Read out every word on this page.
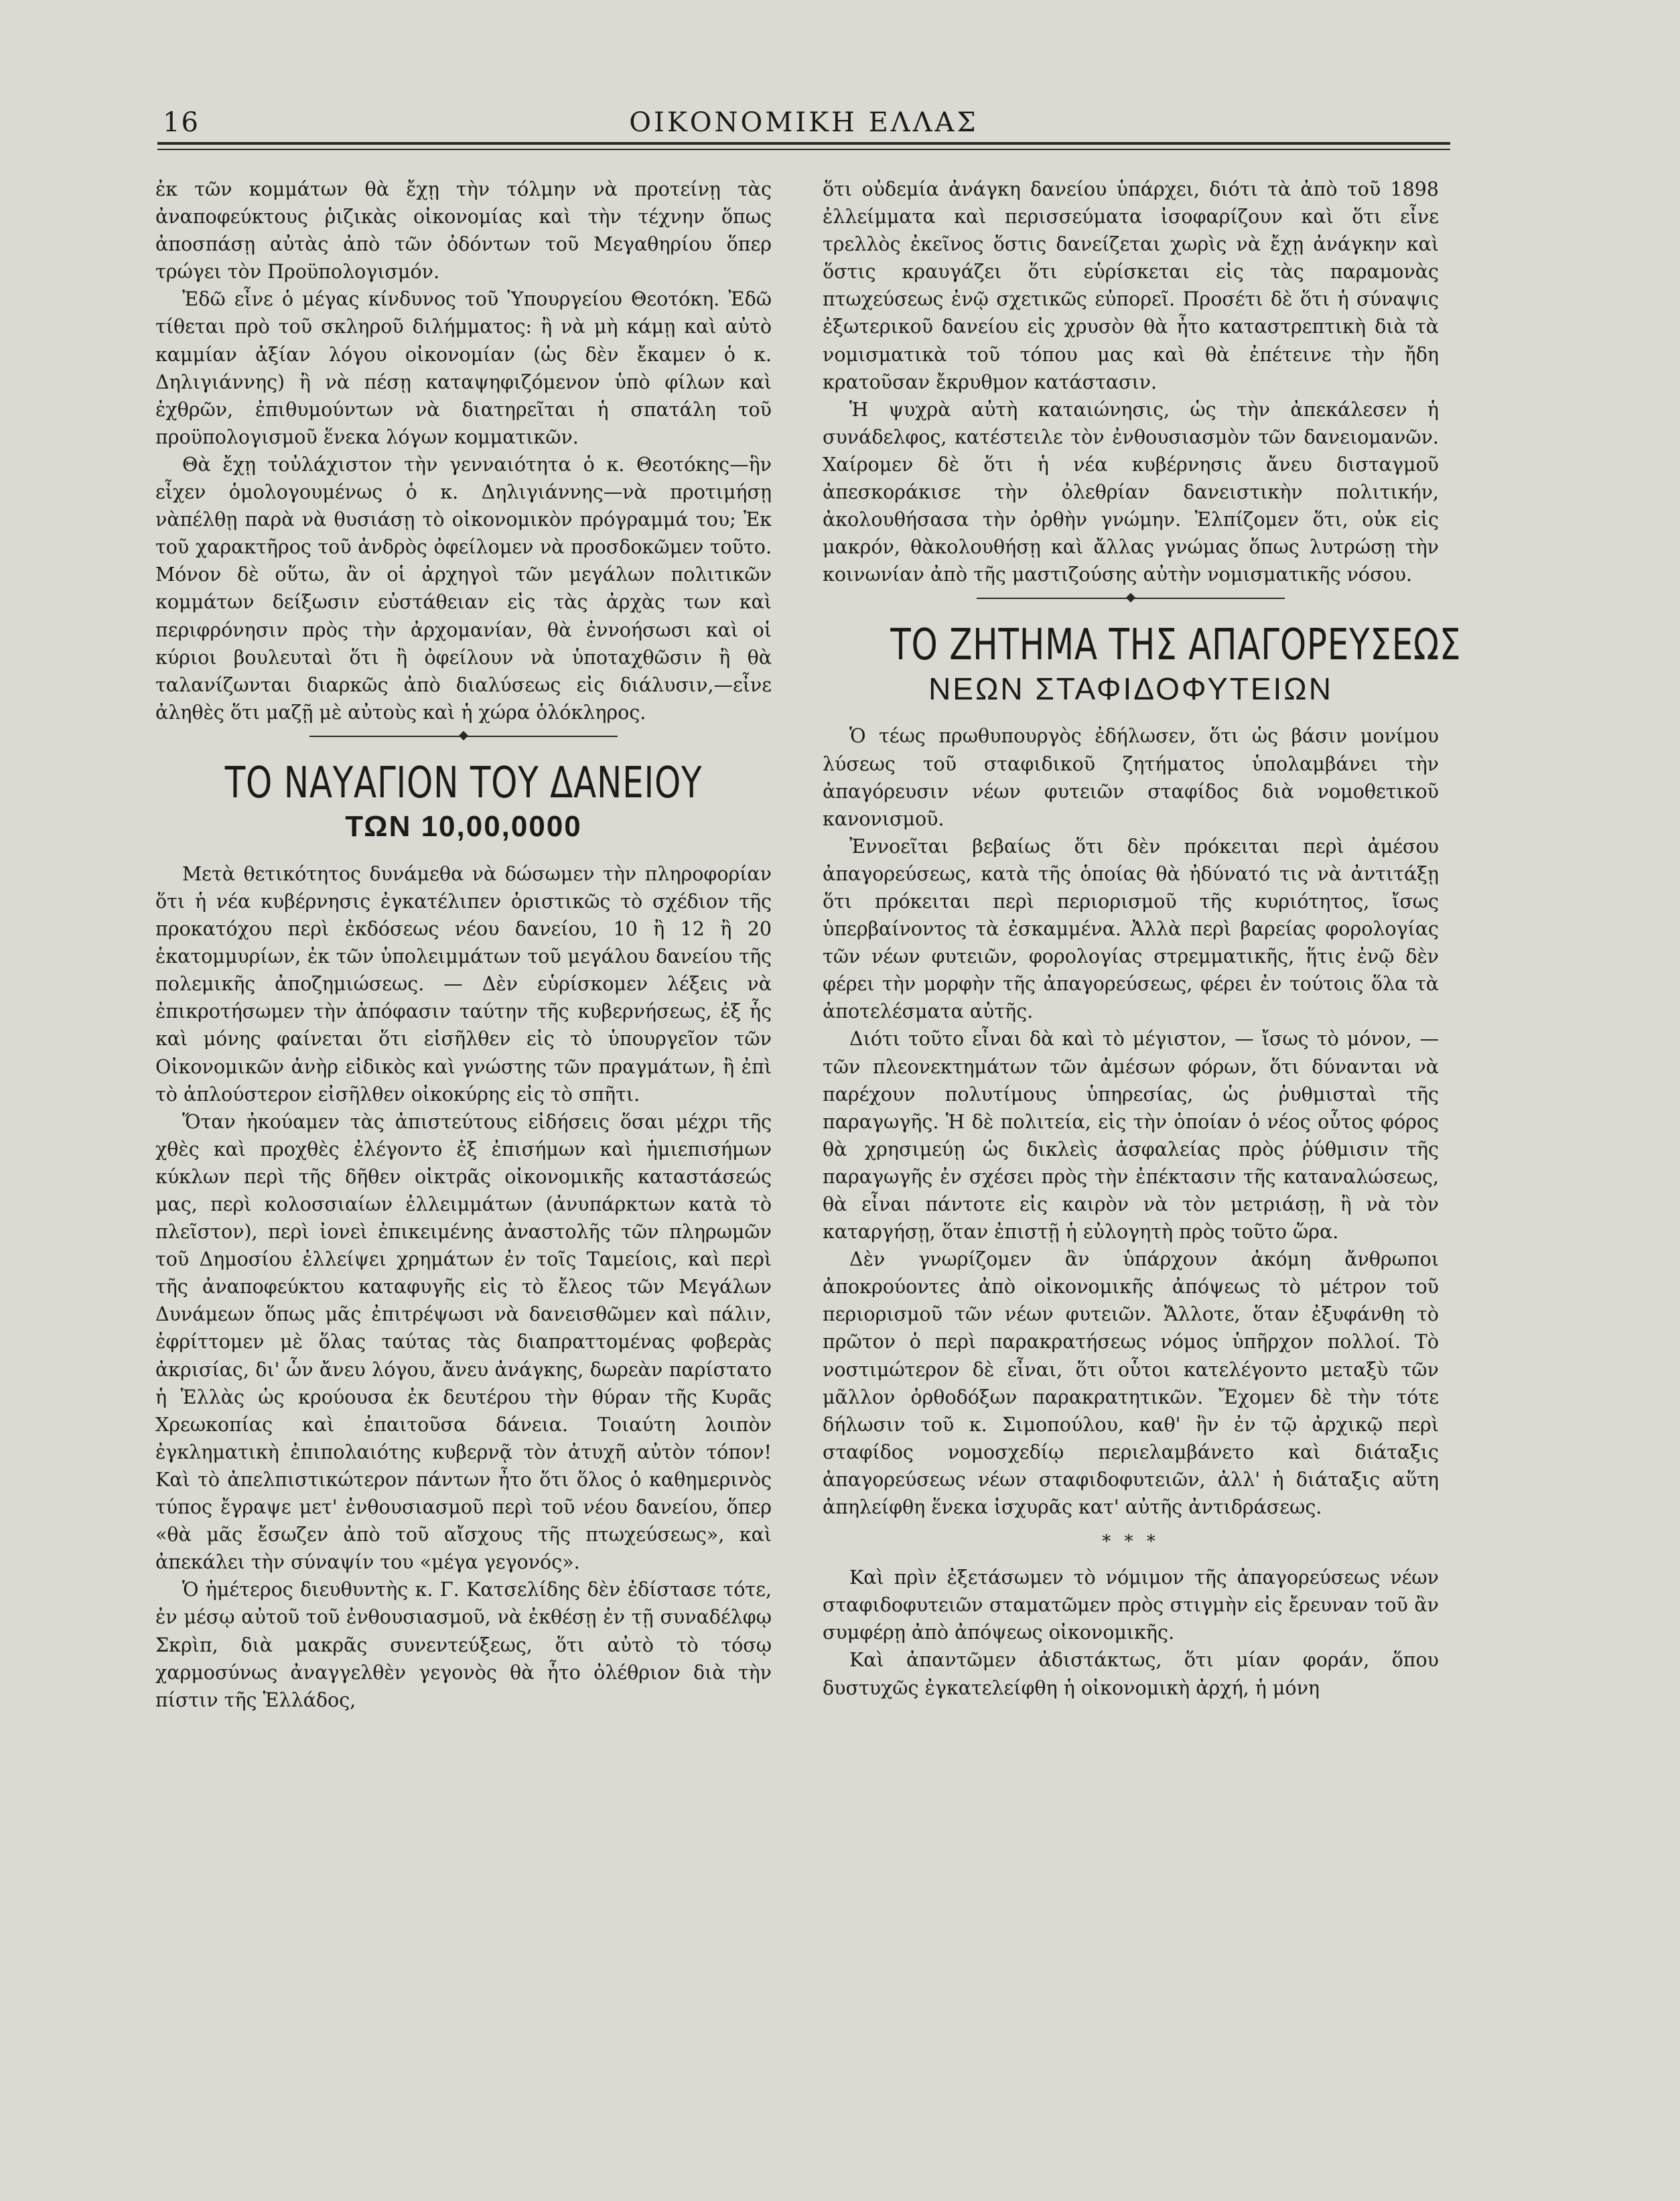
16	ΟΙΚΟΝΟΜΙΚΗ ΕΛΛΑΣ

ἐκ τῶν κομμάτων θὰ ἔχῃ τὴν τόλμην νὰ προτείνῃ τὰς ἀναποφεύκτους ῥιζικὰς οἰκονομίας καὶ τὴν τέχνην ὅπως ἀποσπάσῃ αὐτὰς ἀπὸ τῶν ὀδόντων τοῦ Μεγαθηρίου ὅπερ τρώγει τὸν Προϋπολογισμόν.

Ἐδῶ εἶνε ὁ μέγας κίνδυνος τοῦ Ὑπουργείου Θεοτόκη. Ἐδῶ τίθεται πρὸ τοῦ σκληροῦ διλήμματος: ἢ νὰ μὴ κάμῃ καὶ αὐτὸ καμμίαν ἀξίαν λόγου οἰκονομίαν (ὡς δὲν ἔκαμεν ὁ κ. Δηλιγιάννης) ἢ νὰ πέσῃ καταψηφιζόμενον ὑπὸ φίλων καὶ ἐχθρῶν, ἐπιθυμούντων νὰ διατηρεῖται ἡ σπατάλη τοῦ προϋπολογισμοῦ ἕνεκα λόγων κομματικῶν.

Θὰ ἔχῃ τοὐλάχιστον τὴν γενναιότητα ὁ κ. Θεοτόκης—ἣν εἶχεν ὁμολογουμένως ὁ κ. Δηλιγιάννης—νὰ προτιμήσῃ νὰπέλθῃ παρὰ νὰ θυσιάσῃ τὸ οἰκονομικὸν πρόγραμμά του; Ἐκ τοῦ χαρακτῆρος τοῦ ἀνδρὸς ὀφείλομεν νὰ προσδοκῶμεν τοῦτο. Μόνον δὲ οὕτω, ἂν οἱ ἀρχηγοὶ τῶν μεγάλων πολιτικῶν κομμάτων δείξωσιν εὐστάθειαν εἰς τὰς ἀρχὰς των καὶ περιφρόνησιν πρὸς τὴν ἀρχομανίαν, θὰ ἐννοήσωσι καὶ οἱ κύριοι βουλευταὶ ὅτι ἢ ὀφείλουν νὰ ὑποταχθῶσιν ἢ θὰ ταλανίζωνται διαρκῶς ἀπὸ διαλύσεως εἰς διάλυσιν,—εἶνε ἀληθὲς ὅτι μαζῇ μὲ αὐτοὺς καὶ ἡ χώρα ὁλόκληρος.

ΤΟ ΝΑΥΑΓΙΟΝ ΤΟΥ ΔΑΝΕΙΟΥ
ΤΩΝ 10,00,0000

Μετὰ θετικότητος δυνάμεθα νὰ δώσωμεν τὴν πληροφορίαν ὅτι ἡ νέα κυβέρνησις ἐγκατέλιπεν ὁριστικῶς τὸ σχέδιον τῆς προκατόχου περὶ ἐκδόσεως νέου δανείου, 10 ἢ 12 ἢ 20 ἑκατομμυρίων, ἐκ τῶν ὑπολειμμάτων τοῦ μεγάλου δανείου τῆς πολεμικῆς ἀποζημιώσεως. — Δὲν εὑρίσκομεν λέξεις νὰ ἐπικροτήσωμεν τὴν ἀπόφασιν ταύτην τῆς κυβερνήσεως, ἐξ ἧς καὶ μόνης φαίνεται ὅτι εἰσῆλθεν εἰς τὸ ὑπουργεῖον τῶν Οἰκονομικῶν ἀνὴρ εἰδικὸς καὶ γνώστης τῶν πραγμάτων, ἢ ἐπὶ τὸ ἁπλούστερον εἰσῆλθεν οἰκοκύρης εἰς τὸ σπῆτι.

Ὅταν ἠκούαμεν τὰς ἀπιστεύτους εἰδήσεις ὅσαι μέχρι τῆς χθὲς καὶ προχθὲς ἐλέγοντο ἐξ ἐπισήμων καὶ ἡμιεπισήμων κύκλων περὶ τῆς δῆθεν οἰκτρᾶς οἰκονομικῆς καταστάσεώς μας, περὶ κολοσσιαίων ἐλλειμμάτων (ἀνυπάρκτων κατὰ τὸ πλεῖστον), περὶ ἰονεὶ ἐπικειμένης ἀναστολῆς τῶν πληρωμῶν τοῦ Δημοσίου ἐλλείψει χρημάτων ἐν τοῖς Ταμείοις, καὶ περὶ τῆς ἀναποφεύκτου καταφυγῆς εἰς τὸ ἔλεος τῶν Μεγάλων Δυνάμεων ὅπως μᾶς ἐπιτρέψωσι νὰ δανεισθῶμεν καὶ πάλιν, ἐφρίττομεν μὲ ὅλας ταύτας τὰς διαπραττομένας φοβερὰς ἀκρισίας, δι' ὧν ἄνευ λόγου, ἄνευ ἀνάγκης, δωρεὰν παρίστατο ἡ Ἑλλὰς ὡς κρούουσα ἐκ δευτέρου τὴν θύραν τῆς Κυρᾶς Χρεωκοπίας καὶ ἐπαιτοῦσα δάνεια. Τοιαύτη λοιπὸν ἐγκληματικὴ ἐπιπολαιότης κυβερνᾷ τὸν ἀτυχῆ αὐτὸν τόπον! Καὶ τὸ ἀπελπιστικώτερον πάντων ἦτο ὅτι ὅλος ὁ καθημερινὸς τύπος ἔγραψε μετ' ἐνθουσιασμοῦ περὶ τοῦ νέου δανείου, ὅπερ «θὰ μᾶς ἔσωζεν ἀπὸ τοῦ αἴσχους τῆς πτωχεύσεως», καὶ ἀπεκάλει τὴν σύναψίν του «μέγα γεγονός».

Ὁ ἡμέτερος διευθυντὴς κ. Γ. Κατσελίδης δὲν ἐδίστασε τότε, ἐν μέσῳ αὐτοῦ τοῦ ἐνθουσιασμοῦ, νὰ ἐκθέσῃ ἐν τῇ συναδέλφῳ Σκρὶπ, διὰ μακρᾶς συνεντεύξεως, ὅτι αὐτὸ τὸ τόσῳ χαρμοσύνως ἀναγγελθὲν γεγονὸς θὰ ἦτο ὀλέθριον διὰ τὴν πίστιν τῆς Ἑλλάδος,

ὅτι οὐδεμία ἀνάγκη δανείου ὑπάρχει, διότι τὰ ἀπὸ τοῦ 1898 ἐλλείμματα καὶ περισσεύματα ἰσοφαρίζουν καὶ ὅτι εἶνε τρελλὸς ἐκεῖνος ὅστις δανείζεται χωρὶς νὰ ἔχῃ ἀνάγκην καὶ ὅστις κραυγάζει ὅτι εὑρίσκεται εἰς τὰς παραμονὰς πτωχεύσεως ἐνῷ σχετικῶς εὐπορεῖ. Προσέτι δὲ ὅτι ἡ σύναψις ἐξωτερικοῦ δανείου εἰς χρυσὸν θὰ ἦτο καταστρεπτικὴ διὰ τὰ νομισματικὰ τοῦ τόπου μας καὶ θὰ ἐπέτεινε τὴν ἤδη κρατοῦσαν ἔκρυθμον κατάστασιν.

Ἡ ψυχρὰ αὐτὴ καταιώνησις, ὡς τὴν ἀπεκάλεσεν ἡ συνάδελφος, κατέστειλε τὸν ἐνθουσιασμὸν τῶν δανειομανῶν. Χαίρομεν δὲ ὅτι ἡ νέα κυβέρνησις ἄνευ δισταγμοῦ ἀπεσκοράκισε τὴν ὀλεθρίαν δανειστικὴν πολιτικήν, ἀκολουθήσασα τὴν ὀρθὴν γνώμην. Ἐλπίζομεν ὅτι, οὐκ εἰς μακρόν, θὰκολουθήσῃ καὶ ἄλλας γνώμας ὅπως λυτρώσῃ τὴν κοινωνίαν ἀπὸ τῆς μαστιζούσης αὐτὴν νομισματικῆς νόσου.

ΤΟ ΖΗΤΗΜΑ ΤΗΣ ΑΠΑΓΟΡΕΥΣΕΩΣ
ΝΕΩΝ ΣΤΑΦΙΔΟΦΥΤΕΙΩΝ

Ὁ τέως πρωθυπουργὸς ἐδήλωσεν, ὅτι ὡς βάσιν μονίμου λύσεως τοῦ σταφιδικοῦ ζητήματος ὑπολαμβάνει τὴν ἀπαγόρευσιν νέων φυτειῶν σταφίδος διὰ νομοθετικοῦ κανονισμοῦ.

Ἐννοεῖται βεβαίως ὅτι δὲν πρόκειται περὶ ἀμέσου ἀπαγορεύσεως, κατὰ τῆς ὁποίας θὰ ἠδύνατό τις νὰ ἀντιτάξῃ ὅτι πρόκειται περὶ περιορισμοῦ τῆς κυριότητος, ἴσως ὑπερβαίνοντος τὰ ἐσκαμμένα. Ἀλλὰ περὶ βαρείας φορολογίας τῶν νέων φυτειῶν, φορολογίας στρεμματικῆς, ἥτις ἐνῷ δὲν φέρει τὴν μορφὴν τῆς ἀπαγορεύσεως, φέρει ἐν τούτοις ὅλα τὰ ἀποτελέσματα αὐτῆς.

Διότι τοῦτο εἶναι δὰ καὶ τὸ μέγιστον, — ἴσως τὸ μόνον, — τῶν πλεονεκτημάτων τῶν ἀμέσων φόρων, ὅτι δύνανται νὰ παρέχουν πολυτίμους ὑπηρεσίας, ὡς ῥυθμισταὶ τῆς παραγωγῆς. Ἡ δὲ πολιτεία, εἰς τὴν ὁποίαν ὁ νέος οὗτος φόρος θὰ χρησιμεύῃ ὡς δικλεὶς ἀσφαλείας πρὸς ῥύθμισιν τῆς παραγωγῆς ἐν σχέσει πρὸς τὴν ἐπέκτασιν τῆς καταναλώσεως, θὰ εἶναι πάντοτε εἰς καιρὸν νὰ τὸν μετριάσῃ, ἢ νὰ τὸν καταργήσῃ, ὅταν ἐπιστῇ ἡ εὐλογητὴ πρὸς τοῦτο ὥρα.

Δὲν γνωρίζομεν ἂν ὑπάρχουν ἀκόμη ἄνθρωποι ἀποκρούοντες ἀπὸ οἰκονομικῆς ἀπόψεως τὸ μέτρον τοῦ περιορισμοῦ τῶν νέων φυτειῶν. Ἄλλοτε, ὅταν ἐξυφάνθη τὸ πρῶτον ὁ περὶ παρακρατήσεως νόμος ὑπῆρχον πολλοί. Τὸ νοστιμώτερον δὲ εἶναι, ὅτι οὗτοι κατελέγοντο μεταξὺ τῶν μᾶλλον ὀρθοδόξων παρακρατητικῶν. Ἔχομεν δὲ τὴν τότε δήλωσιν τοῦ κ. Σιμοπούλου, καθ' ἣν ἐν τῷ ἀρχικῷ περὶ σταφίδος νομοσχεδίῳ περιελαμβάνετο καὶ διάταξις ἀπαγορεύσεως νέων σταφιδοφυτειῶν, ἀλλ' ἡ διάταξις αὕτη ἀπηλείφθη ἕνεκα ἰσχυρᾶς κατ' αὐτῆς ἀντιδράσεως.

* * *

Καὶ πρὶν ἐξετάσωμεν τὸ νόμιμον τῆς ἀπαγορεύσεως νέων σταφιδοφυτειῶν σταματῶμεν πρὸς στιγμὴν εἰς ἔρευναν τοῦ ἂν συμφέρῃ ἀπὸ ἀπόψεως οἰκονομικῆς.

Καὶ ἀπαντῶμεν ἀδιστάκτως, ὅτι μίαν φοράν, ὅπου δυστυχῶς ἐγκατελείφθη ἡ οἰκονομικὴ ἀρχή, ἡ μόνη
